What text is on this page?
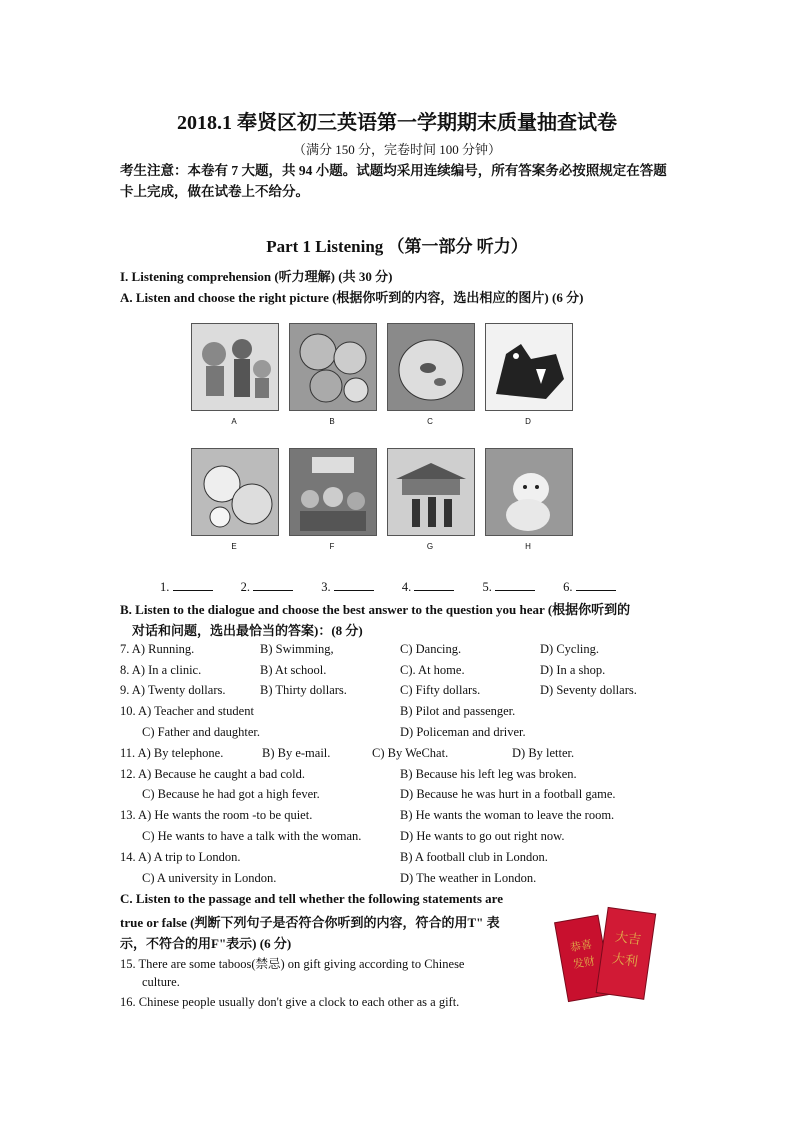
2018.1 奉贤区初三英语第一学期期末质量抽查试卷
（满分 150 分，完卷时间 100 分钟）
考生注意：本卷有 7 大题，共 94 小题。试题均采用连续编号，所有答案务必按照规定在答题卡上完成，做在试卷上不给分。
Part 1 Listening （第一部分 听力）
I. Listening comprehension (听力理解) (共 30 分)
A. Listen and choose the right picture (根据你听到的内容，选出相应的图片) (6 分)
A	B	C	D
E	F	G	H
1.	2.	3.	4.	5.	6.
B. Listen to the dialogue and choose the best answer to the question you hear (根据你听到的
对话和问题，选出最恰当的答案)：(8 分)
7. A) Running.	B) Swimming,	C) Dancing.	D) Cycling.
8. A) In a clinic.	B) At school.	C). At home.	D) In a shop.
9. A) Twenty dollars.	B) Thirty dollars.	C) Fifty dollars.	D) Seventy dollars.
10. A) Teacher and student	B) Pilot and passenger.
C) Father and daughter.	D) Policeman and driver.
11. A) By telephone.	B) By e-mail.	C) By WeChat.	D) By letter.
12. A) Because he caught a bad cold.	B) Because his left leg was broken.
C) Because he had got a high fever.	D) Because he was hurt in a football game.
13. A) He wants the room -to be quiet.	B) He wants the woman to leave the room.
C) He wants to have a talk with the woman.	D) He wants to go out right now.
14. A) A trip to London.	B) A football club in London.
C) A university in London.	D) The weather in London.
C. Listen to the passage and tell whether the following statements are
true or false (判断下列句子是否符合你听到的内容，符合的用T" 表
示，不符合的用F"表示) (6 分)
15. There are some taboos(禁忌) on gift giving according to Chinese
culture.
16. Chinese people usually don't give a clock to each other as a gift.
恭喜
发财
大吉
大利
